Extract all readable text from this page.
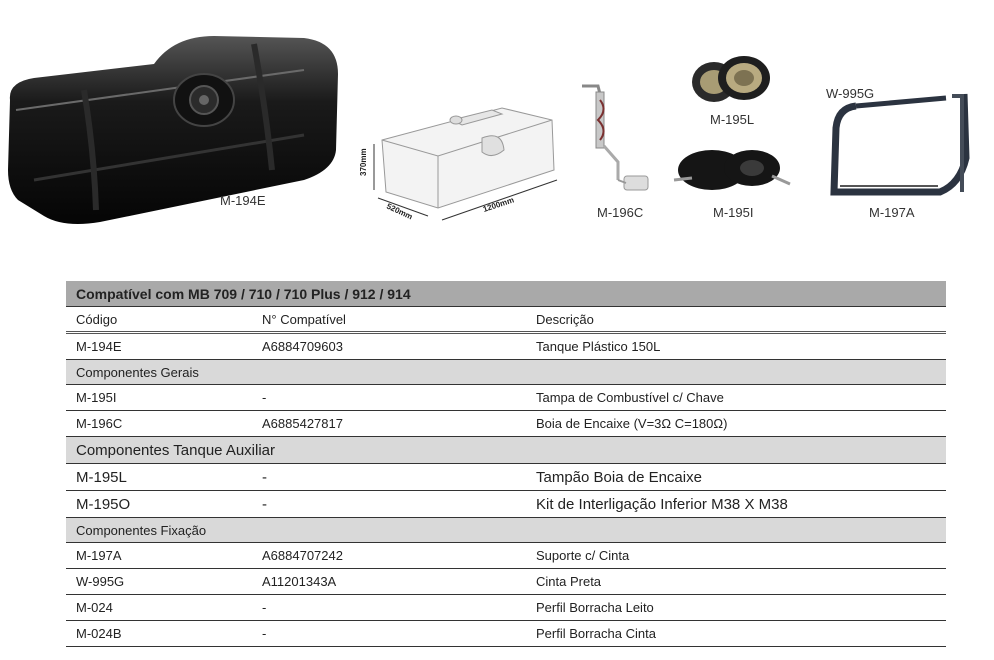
M-194E
370mm
520mm	1200mm	M-196C
M-195L
M-195I
W-995G
M-197A
Compatível com MB 709 / 710 / 710 Plus / 912 / 914		
Código	N° Compatível	Descrição
M-194E	A6884709603	Tanque Plástico 150L
Componentes Gerais		
M-195I	-	Tampa de Combustível c/ Chave
M-196C	A6885427817	Boia de Encaixe (V=3Ω C=180Ω)
Componentes Tanque Auxiliar		
M-195L	-	Tampão Boia de Encaixe
M-195O	-	Kit de Interligação Inferior M38 X M38
Componentes Fixação		
M-197A	A6884707242	Suporte c/ Cinta
W-995G	A11201343A	Cinta Preta
M-024	-	Perfil Borracha Leito
M-024B	-	Perfil Borracha Cinta
